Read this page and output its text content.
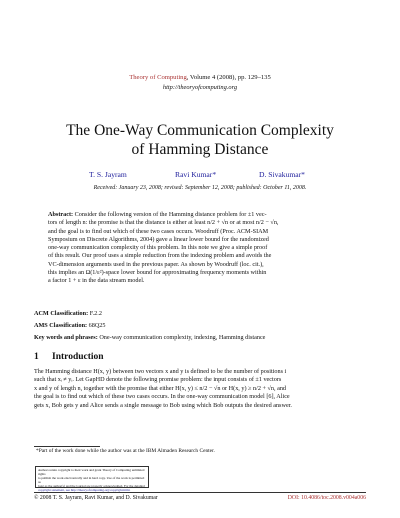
Theory of Computing, Volume 4 (2008), pp. 129–135
http://theoryofcomputing.org
The One-Way Communication Complexity
of Hamming Distance
T. S. Jayram	Ravi Kumar*	D. Sivakumar*
Received: January 23, 2008; revised: September 12, 2008; published: October 11, 2008.
Abstract: Consider the following version of the Hamming distance problem for ±1 vec-
tors of length n: the promise is that the distance is either at least n/2 + √n or at most n/2 − √n,
and the goal is to find out which of these two cases occurs. Woodruff (Proc. ACM-SIAM
Symposium on Discrete Algorithms, 2004) gave a linear lower bound for the randomized
one-way communication complexity of this problem. In this note we give a simple proof
of this result. Our proof uses a simple reduction from the indexing problem and avoids the
VC-dimension arguments used in the previous paper. As shown by Woodruff (loc. cit.),
this implies an Ω(1/ε²)-space lower bound for approximating frequency moments within
a factor 1 + ε in the data stream model.
ACM Classification: F.2.2
AMS Classification: 68Q25
Key words and phrases: One-way communication complexity, indexing, Hamming distance
1 Introduction
The Hamming distance H(x, y) between two vectors x and y is defined to be the number of positions i
such that xᵢ ≠ yᵢ. Let GapHD denote the following promise problem: the input consists of ±1 vectors
x and y of length n, together with the promise that either H(x, y) ≤ n/2 − √n or H(x, y) ≥ n/2 + √n, and
the goal is to find out which of these two cases occurs. In the one-way communication model [6], Alice
gets x, Bob gets y and Alice sends a single message to Bob using which Bob outputs the desired answer.
*Part of the work done while the author was at the IBM Almaden Research Center.
Authors retain copyright to their work and grant Theory of Computing unlimited rights
to publish the work electronically and in hard copy. Use of the work is permitted as
long as the author(s) and the journal are properly acknowledged. For the detailed
copyright statement, see http://theoryofcomputing.org/copyright.html.
© 2008 T. S. Jayram, Ravi Kumar, and D. Sivakumar	DOI: 10.4086/toc.2008.v004a006
